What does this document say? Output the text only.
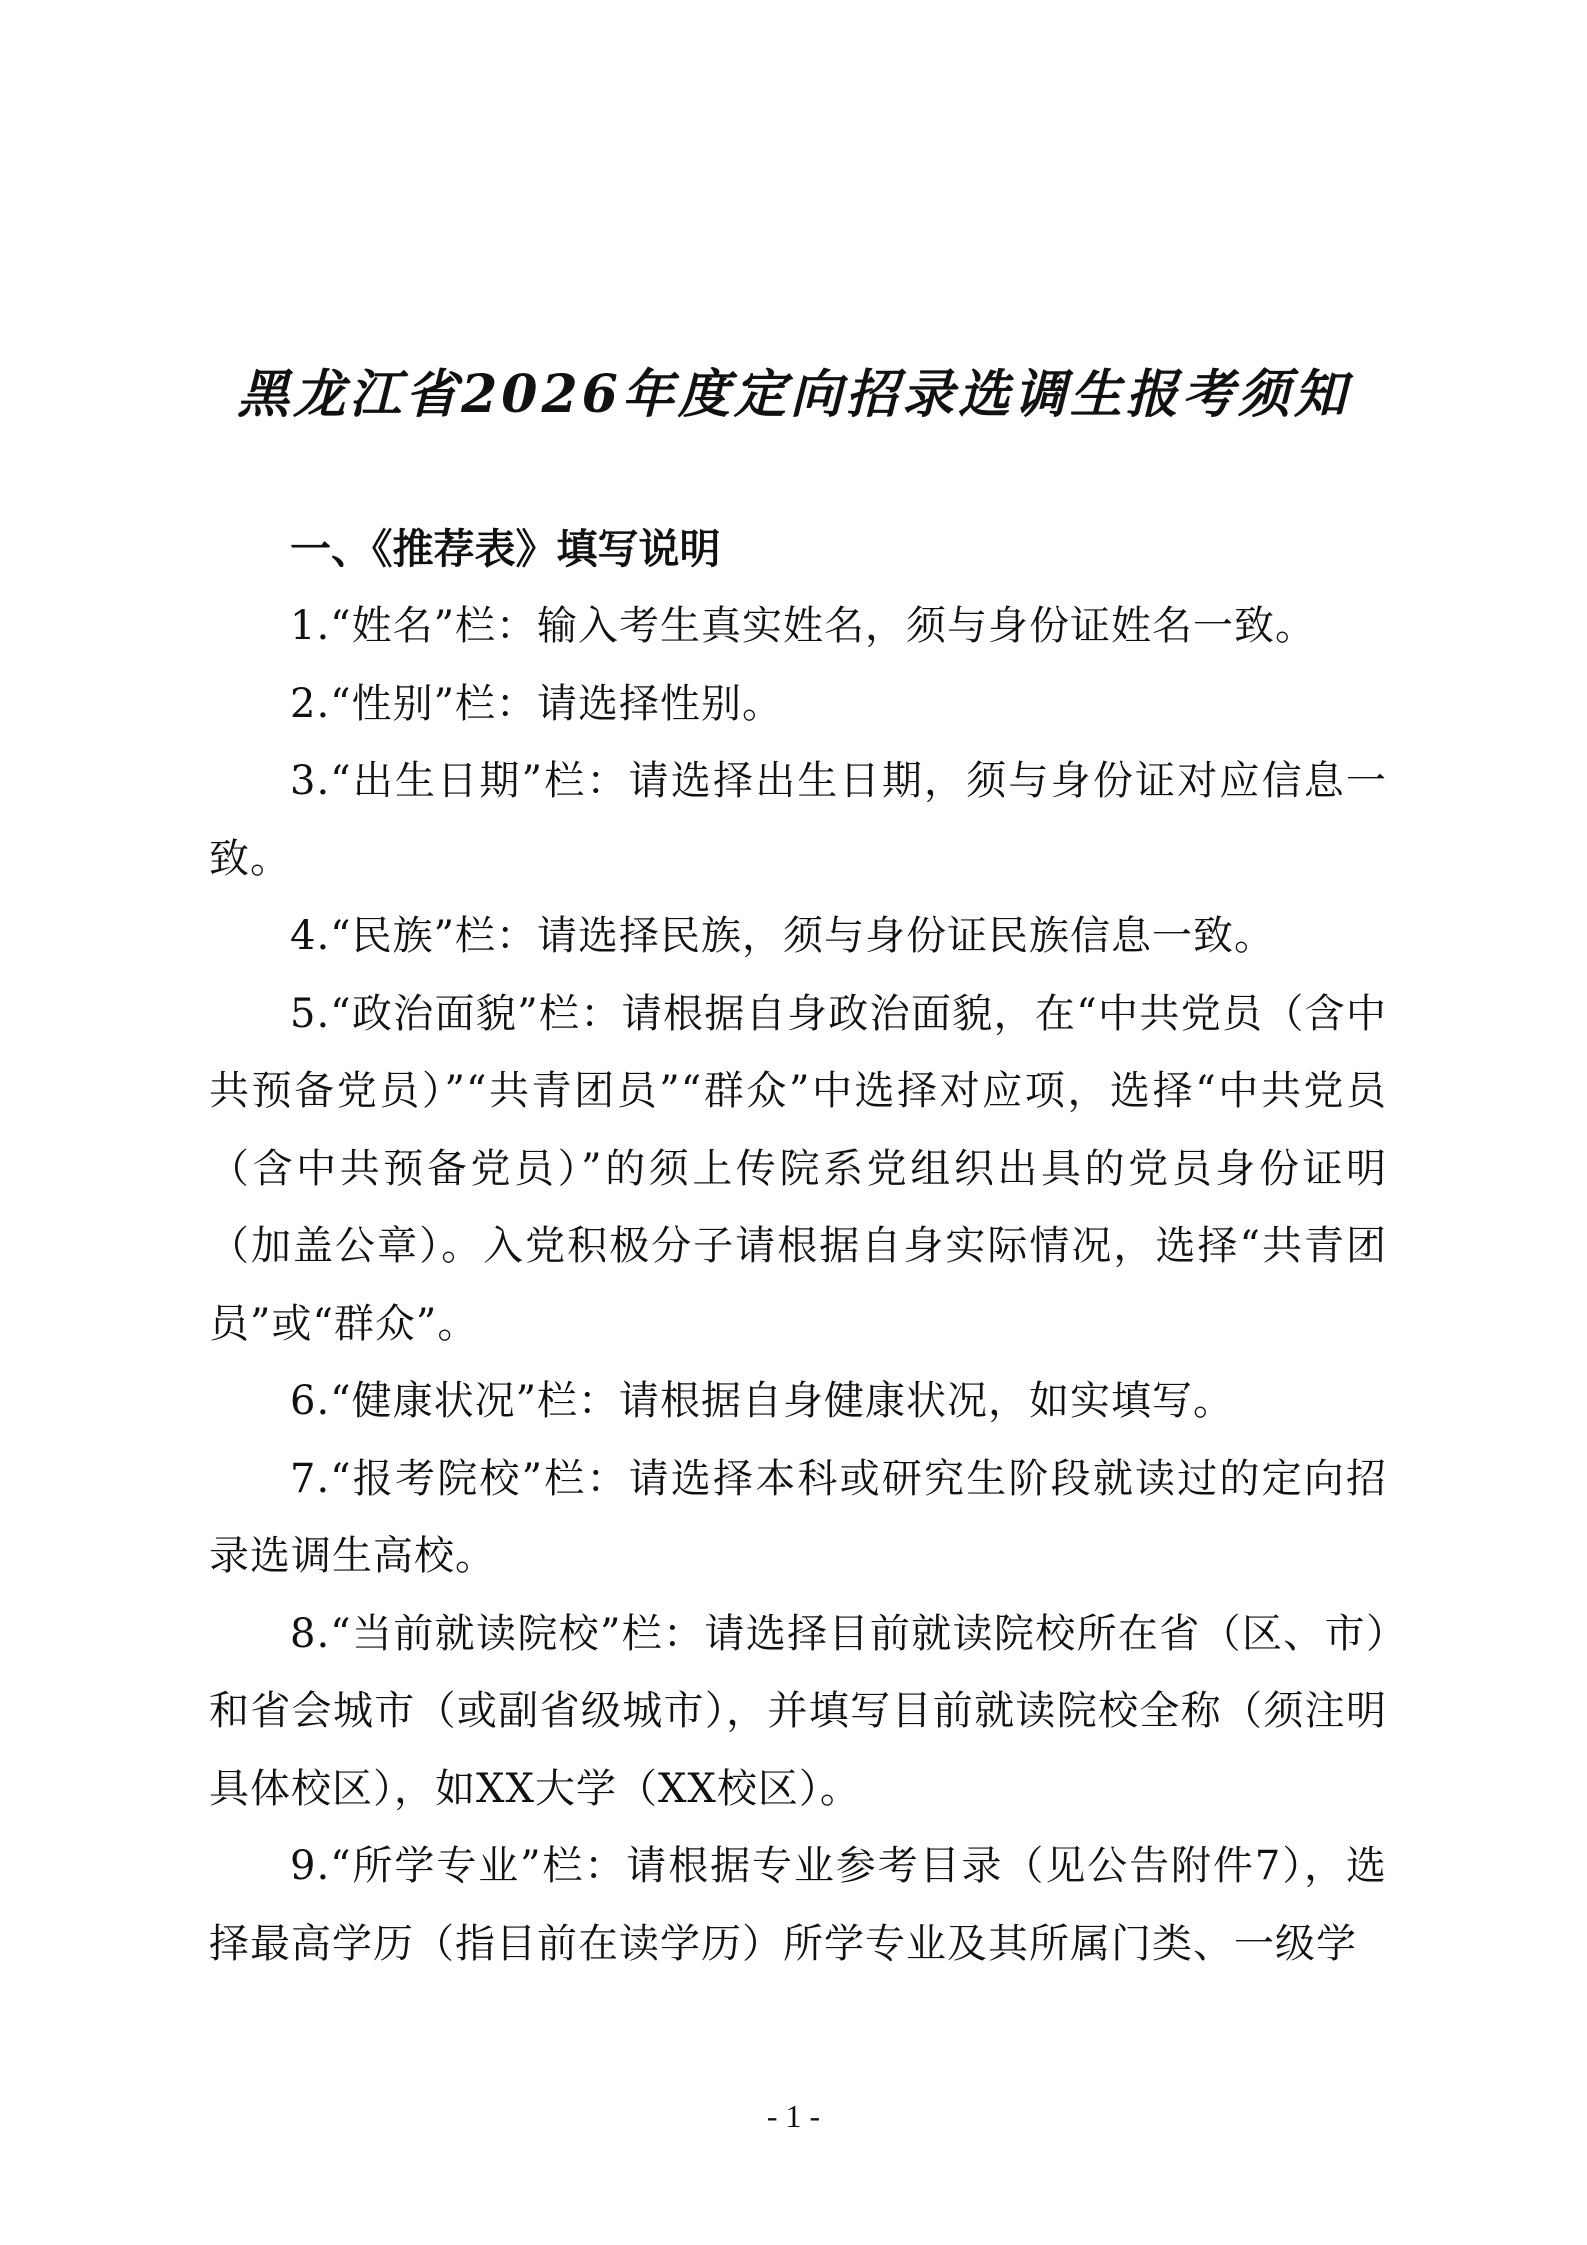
黑龙江省2026年度定向招录选调生报考须知
一、《推荐表》填写说明

1.“姓名”栏：输入考生真实姓名，须与身份证姓名一致。

2.“性别”栏：请选择性别。

3.“出生日期”栏：请选择出生日期，须与身份证对应信息一致。

4.“民族”栏：请选择民族，须与身份证民族信息一致。

5.“政治面貌”栏：请根据自身政治面貌，在“中共党员（含中共预备党员）”“共青团员”“群众”中选择对应项，选择“中共党员（含中共预备党员）”的须上传院系党组织出具的党员身份证明（加盖公章）。入党积极分子请根据自身实际情况，选择“共青团员”或“群众”。

6.“健康状况”栏：请根据自身健康状况，如实填写。

7.“报考院校”栏：请选择本科或研究生阶段就读过的定向招录选调生高校。

8.“当前就读院校”栏：请选择目前就读院校所在省（区、市）和省会城市（或副省级城市），并填写目前就读院校全称（须注明具体校区），如XX大学（XX校区）。

9.“所学专业”栏：请根据专业参考目录（见公告附件7），选择最高学历（指目前在读学历）所学专业及其所属门类、一级学

- 1 -
